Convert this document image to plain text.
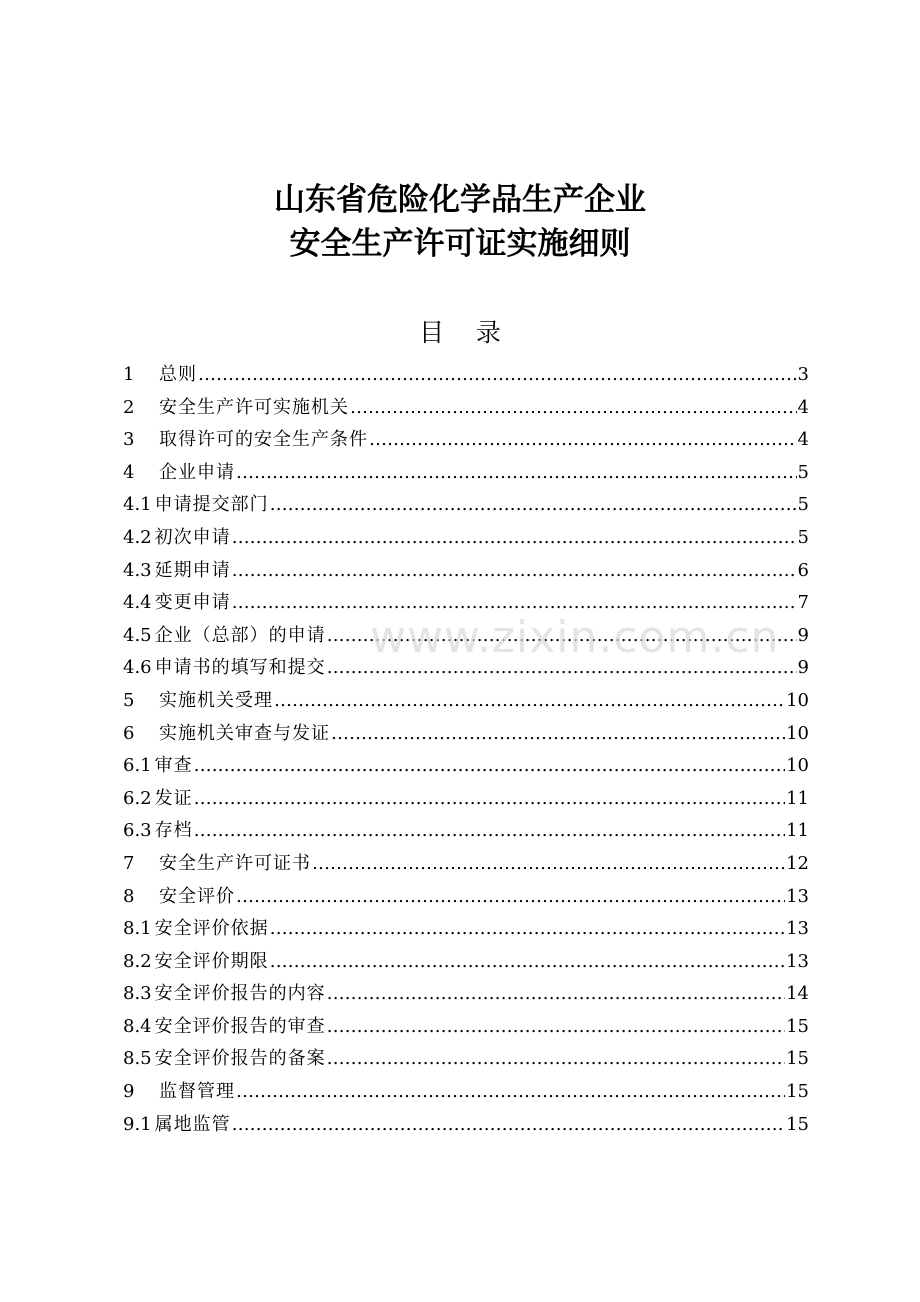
山东省危险化学品生产企业
安全生产许可证实施细则
目    录
1	总则 …………………………………………………………………………………………………………………………………………………………………………	3
2	安全生产许可实施机关 …………………………………………………………………………………………………………………………………………………………………………	4
3	取得许可的安全生产条件 …………………………………………………………………………………………………………………………………………………………………………	4
4	企业申请 …………………………………………………………………………………………………………………………………………………………………………	5
4.1 申请提交部门 …………………………………………………………………………………………………………………………………………………………………………	5
4.2 初次申请 …………………………………………………………………………………………………………………………………………………………………………	5
4.3 延期申请 …………………………………………………………………………………………………………………………………………………………………………	6
4.4 变更申请 …………………………………………………………………………………………………………………………………………………………………………	7
4.5 企业（总部）的申请 …………………………………………………………………………………………………………………………………………………………………………	9
4.6 申请书的填写和提交 …………………………………………………………………………………………………………………………………………………………………………	9
5	实施机关受理 …………………………………………………………………………………………………………………………………………………………………………	10
6	实施机关审查与发证 …………………………………………………………………………………………………………………………………………………………………………	10
6.1 审查 …………………………………………………………………………………………………………………………………………………………………………	10
6.2 发证 …………………………………………………………………………………………………………………………………………………………………………	11
6.3 存档 …………………………………………………………………………………………………………………………………………………………………………	11
7	安全生产许可证书 …………………………………………………………………………………………………………………………………………………………………………	12
8	安全评价 …………………………………………………………………………………………………………………………………………………………………………	13
8.1 安全评价依据 …………………………………………………………………………………………………………………………………………………………………………	13
8.2 安全评价期限 …………………………………………………………………………………………………………………………………………………………………………	13
8.3 安全评价报告的内容 …………………………………………………………………………………………………………………………………………………………………………	14
8.4 安全评价报告的审查 …………………………………………………………………………………………………………………………………………………………………………	15
8.5 安全评价报告的备案 …………………………………………………………………………………………………………………………………………………………………………	15
9	监督管理 …………………………………………………………………………………………………………………………………………………………………………	15
9.1 属地监管 …………………………………………………………………………………………………………………………………………………………………………	15
www.zixin.com.cn
